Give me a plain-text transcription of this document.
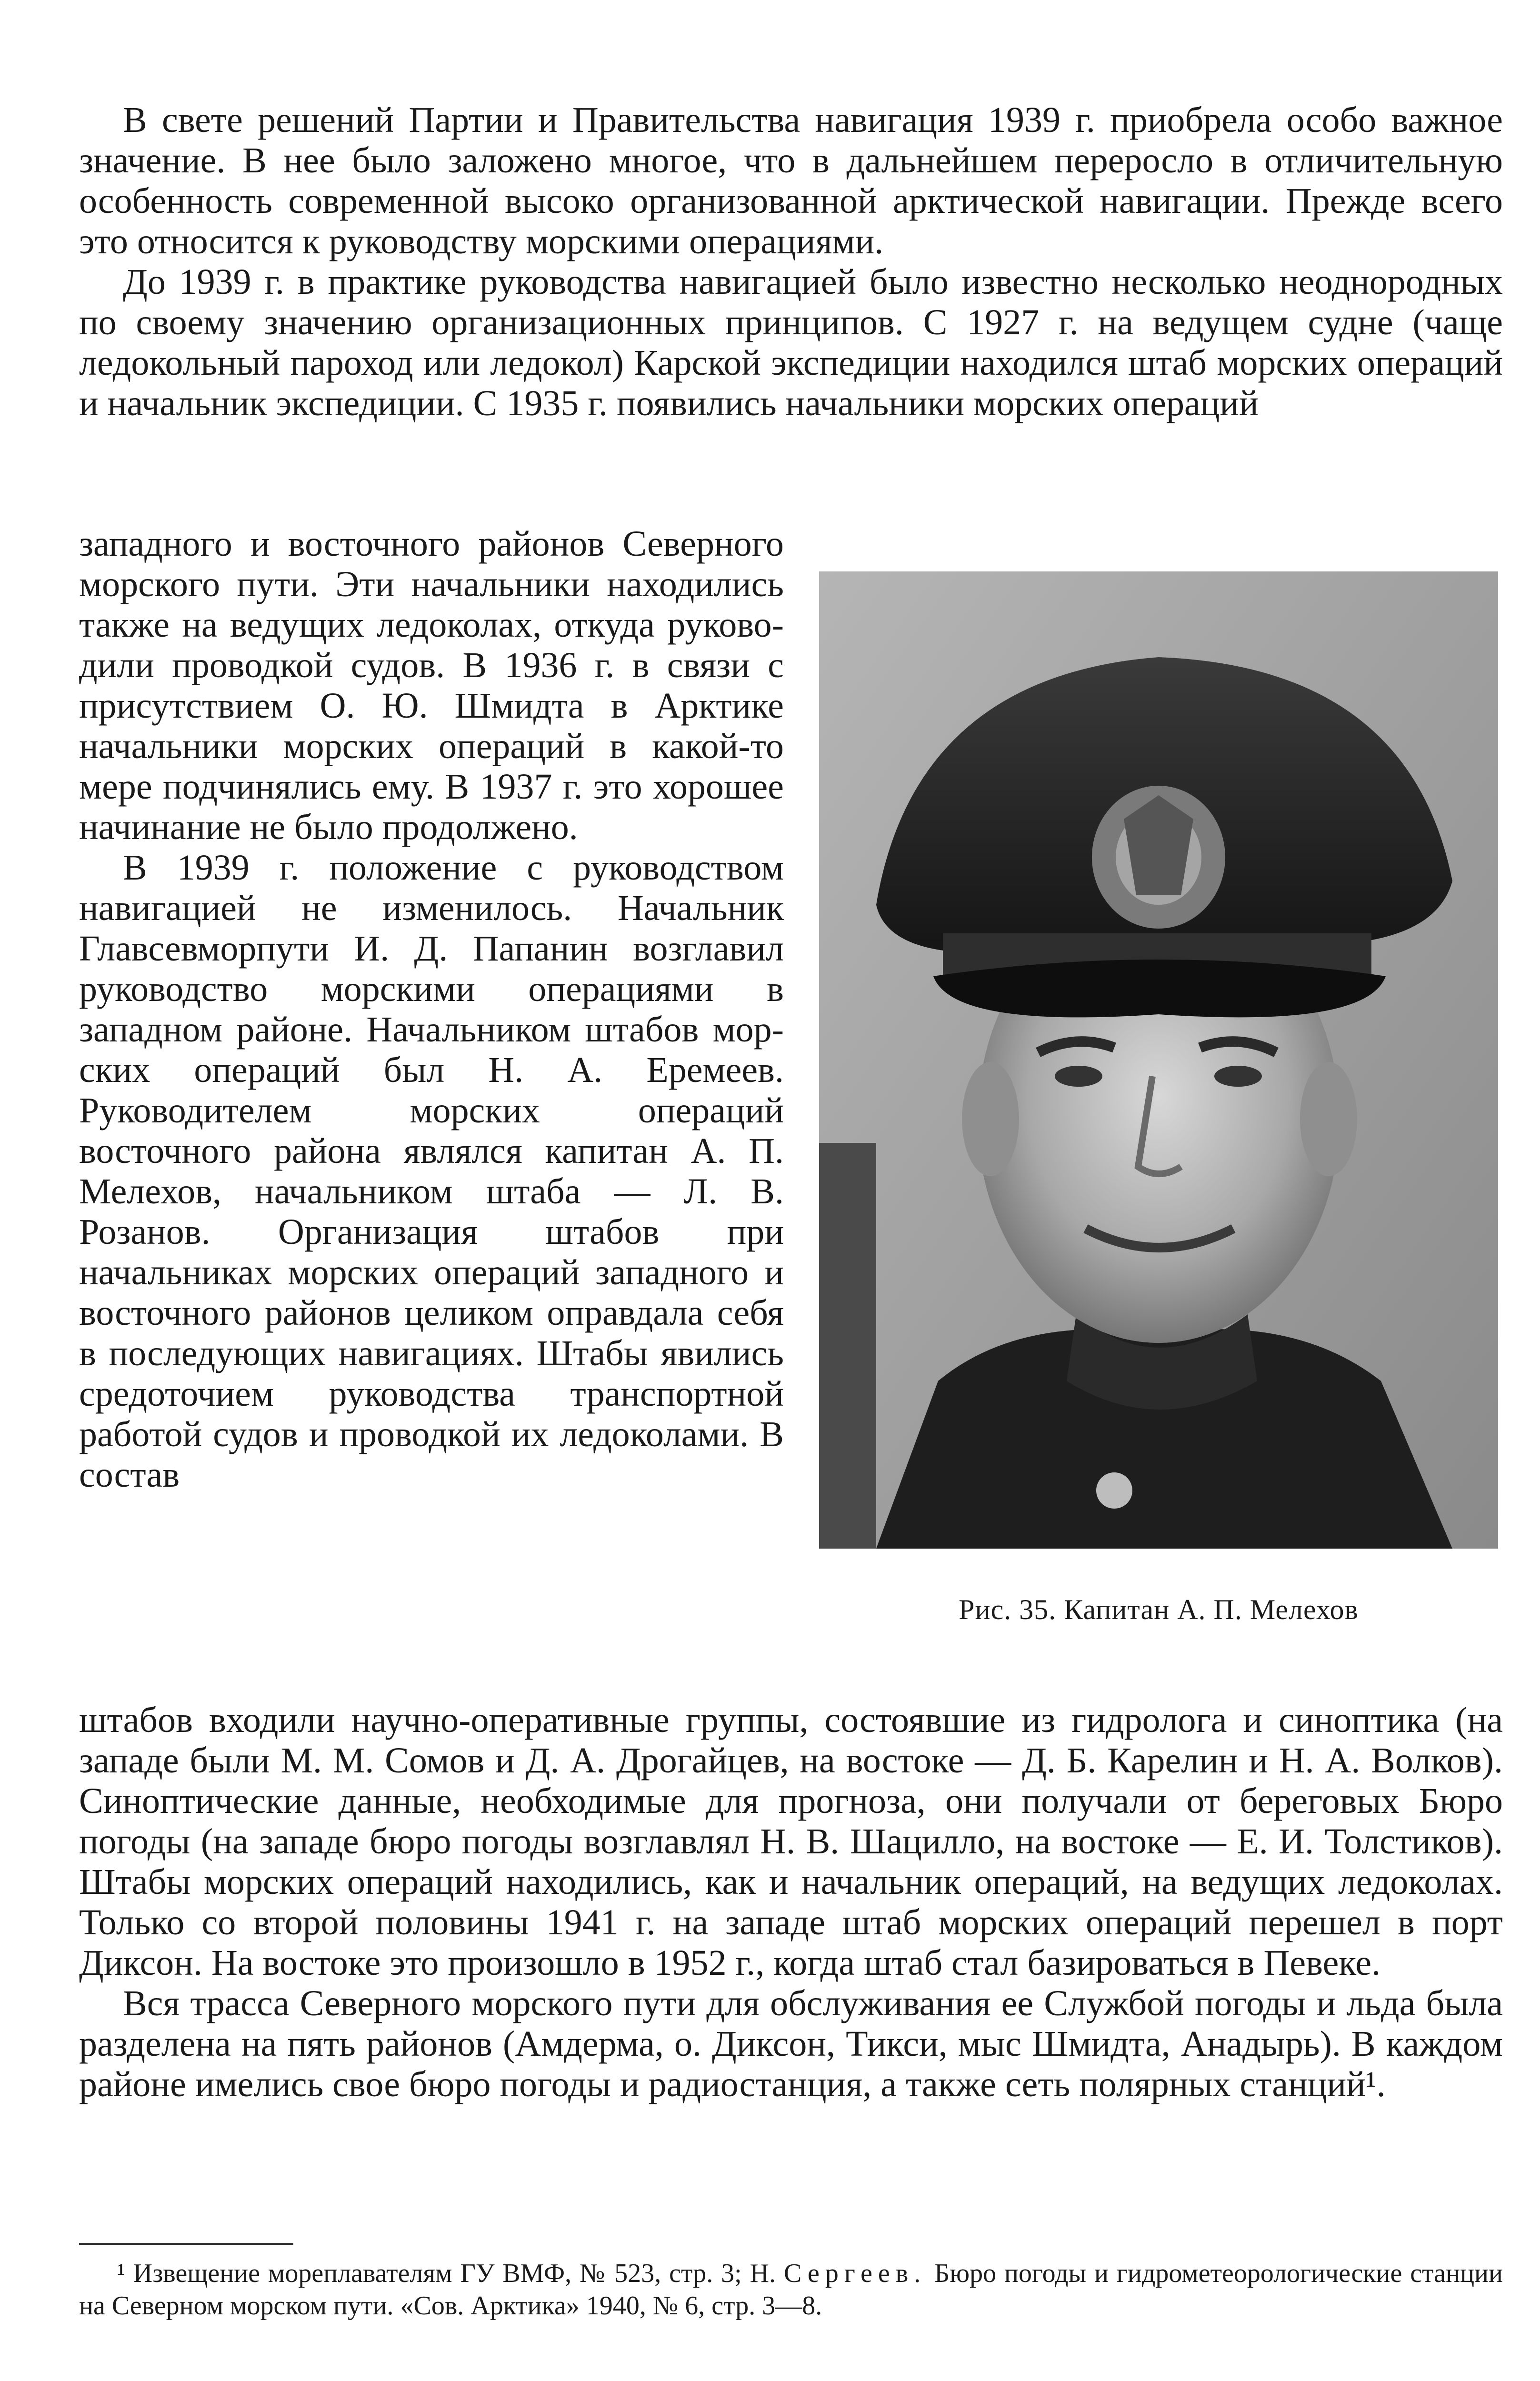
В свете решений Партии и Правительства навигация 1939 г. приобрела особо важное значение. В нее было заложено многое, что в дальнейшем переросло в отличительную особенность современной высоко организованной арктической навигации. Прежде всего это относится к руководству морскими операциями.

До 1939 г. в практике руководства навигацией было известно несколько неоднородных по своему значению организационных принципов. С 1927 г. на ведущем судне (чаще ледокольный пароход или ледокол) Карской экспедиции находился штаб морских операций и начальник экспедиции. С 1935 г. появились начальники морских операций

западного и восточного районов Северного морского пути. Эти начальники находились также на ведущих ледоколах, откуда руководили проводкой судов. В 1936 г. в связи с присутствием О. Ю. Шмидта в Арктике начальники морских операций в какой-то мере подчинялись ему. В 1937 г. это хорошее начинание не было продолжено.

В 1939 г. положение с руководством навигацией не изменилось. Начальник Главсевморпути И. Д. Папанин возглавил руководство морскими операциями в западном районе. Начальником штабов морских операций был Н. А. Еремеев. Руководителем морских операций восточного района являлся капитан А. П. Мелехов, начальником штаба — Л. В. Розанов. Организация штабов при начальниках морских операций западного и восточного районов целиком оправдала себя в последующих навигациях. Штабы явились средоточием руководства транспортной работой судов и проводкой их ледоколами. В состав

Рис. 35. Капитан А. П. Мелехов

штабов входили научно-оперативные группы, состоявшие из гидролога и синоптика (на западе были М. М. Сомов и Д. А. Дрогайцев, на востоке — Д. Б. Карелин и Н. А. Волков). Синоптические данные, необходимые для прогноза, они получали от береговых Бюро погоды (на западе бюро погоды возглавлял Н. В. Шацилло, на востоке — Е. И. Толстиков). Штабы морских операций находились, как и начальник операций, на ведущих ледоколах. Только со второй половины 1941 г. на западе штаб морских операций перешел в порт Диксон. На востоке это произошло в 1952 г., когда штаб стал базироваться в Певеке.

Вся трасса Северного морского пути для обслуживания ее Службой погоды и льда была разделена на пять районов (Амдерма, о. Диксон, Тикси, мыс Шмидта, Анадырь). В каждом районе имелись свое бюро погоды и радиостанция, а также сеть полярных станций¹.

¹ Извещение мореплавателям ГУ ВМФ, № 523, стр. 3; Н. Сергеев. Бюро погоды и гидрометеорологические станции на Северном морском пути. «Сов. Арктика» 1940, № 6, стр. 3—8.
